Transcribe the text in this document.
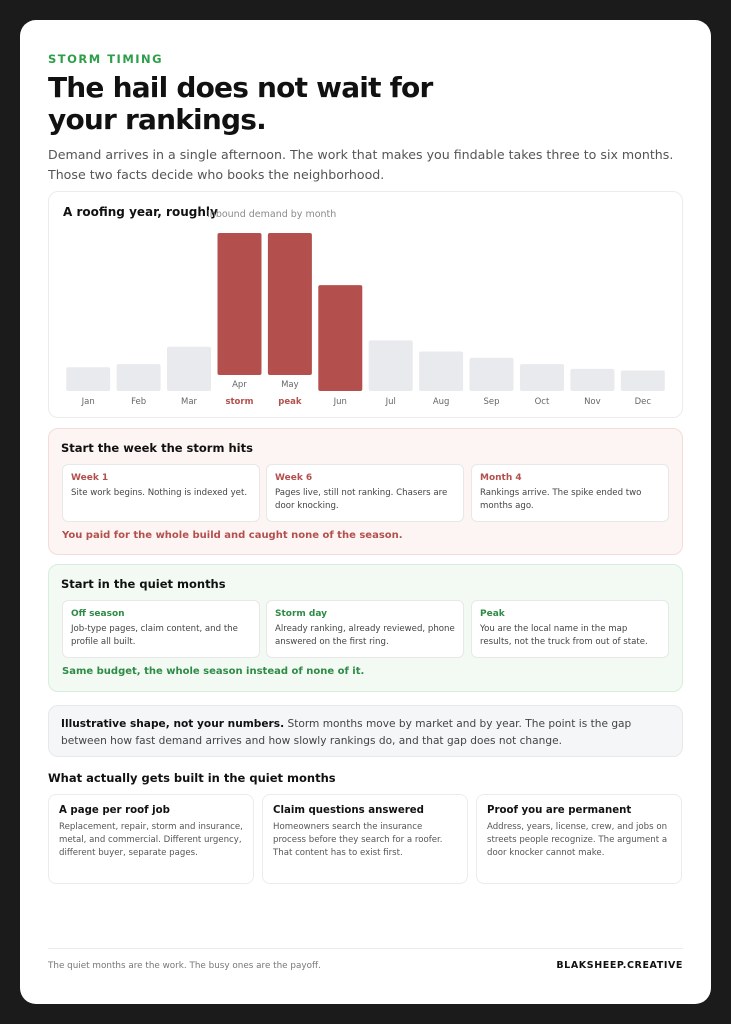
STORM TIMING
The hail does not wait for your rankings.

Demand arrives in a single afternoon. The work that makes you findable takes three to six months. Those two facts decide who books the neighborhood.

Jan	Feb	Mar
Apr
storm
May
peak	Jun	Jul	Aug	Sep	Oct	Nov	Dec
A roofing year, roughly
Inbound demand by month
Start the week the storm hits
Week 1
Site work begins. Nothing is indexed yet.
Week 6
Pages live, still not ranking. Chasers are door knocking.
Month 4
Rankings arrive. The spike ended two months ago.
You paid for the whole build and caught none of the season.
Start in the quiet months
Off season
Job-type pages, claim content, and the profile all built.
Storm day
Already ranking, already reviewed, phone answered on the first ring.
Peak
You are the local name in the map results, not the truck from out of state.
Same budget, the whole season instead of none of it.
Illustrative shape, not your numbers. Storm months move by market and by year. The point is the gap between how fast demand arrives and how slowly rankings do, and that gap does not change.
What actually gets built in the quiet months
A page per roof job
Replacement, repair, storm and insurance, metal, and commercial. Different urgency, different buyer, separate pages.
Claim questions answered
Homeowners search the insurance process before they search for a roofer. That content has to exist first.
Proof you are permanent
Address, years, license, crew, and jobs on streets people recognize. The argument a door knocker cannot make.
The quiet months are the work. The busy ones are the payoff.	BLAKSHEEP.CREATIVE
